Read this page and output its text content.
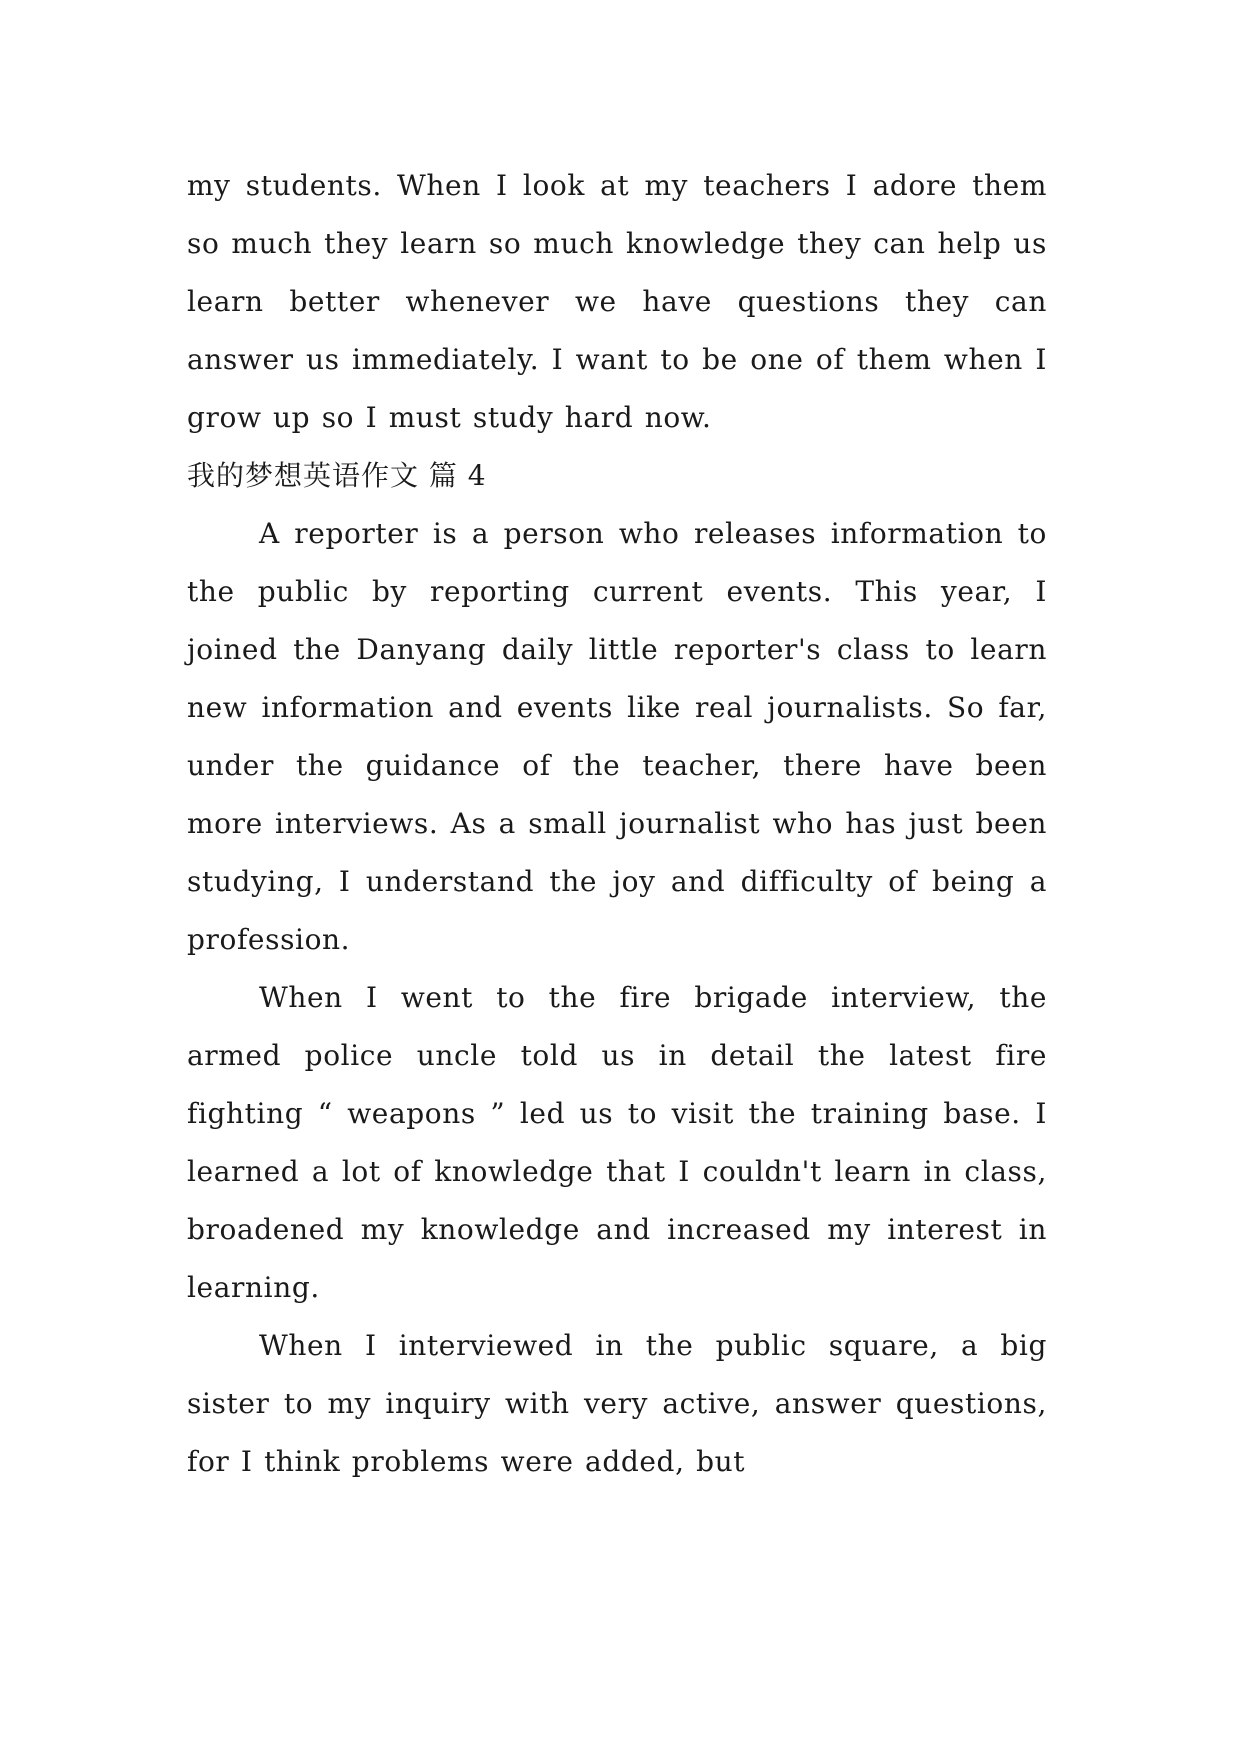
my students. When I look at my teachers I adore them so much they learn so much knowledge they can help us learn better whenever we have questions they can answer us immediately. I want to be one of them when I grow up so I must study hard now.

我的梦想英语作文 篇 4

A reporter is a person who releases information to the public by reporting current events. This year, I joined the Danyang daily little reporter's class to learn new information and events like real journalists. So far, under the guidance of the teacher, there have been more interviews. As a small journalist who has just been studying, I understand the joy and difficulty of being a profession.

When I went to the fire brigade interview, the armed police uncle told us in detail the latest fire fighting “ weapons ” led us to visit the training base. I learned a lot of knowledge that I couldn't learn in class, broadened my knowledge and increased my interest in learning.

When I interviewed in the public square, a big sister to my inquiry with very active, answer questions, for I think problems were added, but
